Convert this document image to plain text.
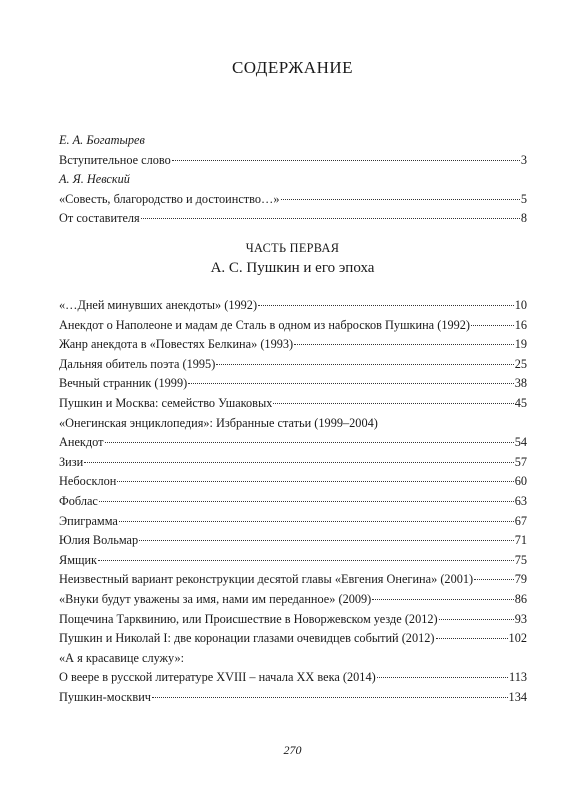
СОДЕРЖАНИЕ
Е. А. Богатырев
Вступительное слово	3
А. Я. Невский
«Совесть, благородство и достоинство…»	5
От составителя	8
ЧАСТЬ ПЕРВАЯ
А. С. Пушкин и его эпоха
«…Дней минувших анекдоты» (1992)	10
Анекдот о Наполеоне и мадам де Сталь в одном из набросков Пушкина (1992)	16
Жанр анекдота в «Повестях Белкина» (1993)	19
Дальняя обитель поэта (1995)	25
Вечный странник (1999)	38
Пушкин и Москва: семейство Ушаковых	45
«Онегинская энциклопедия»: Избранные статьи (1999–2004)
Анекдот	54
Зизи	57
Небосклон	60
Фоблас	63
Эпиграмма	67
Юлия Вольмар	71
Ямщик	75
Неизвестный вариант реконструкции десятой главы «Евгения Онегина» (2001)	79
«Внуки будут уважены за имя, нами им переданное» (2009)	86
Пощечина Тарквинию, или Происшествие в Новоржевском уезде (2012)	93
Пушкин и Николай I: две коронации глазами очевидцев событий (2012)	102
«А я красавице служу»:
О веере в русской литературе XVIII – начала XX века (2014)	113
Пушкин-москвич	134
270
